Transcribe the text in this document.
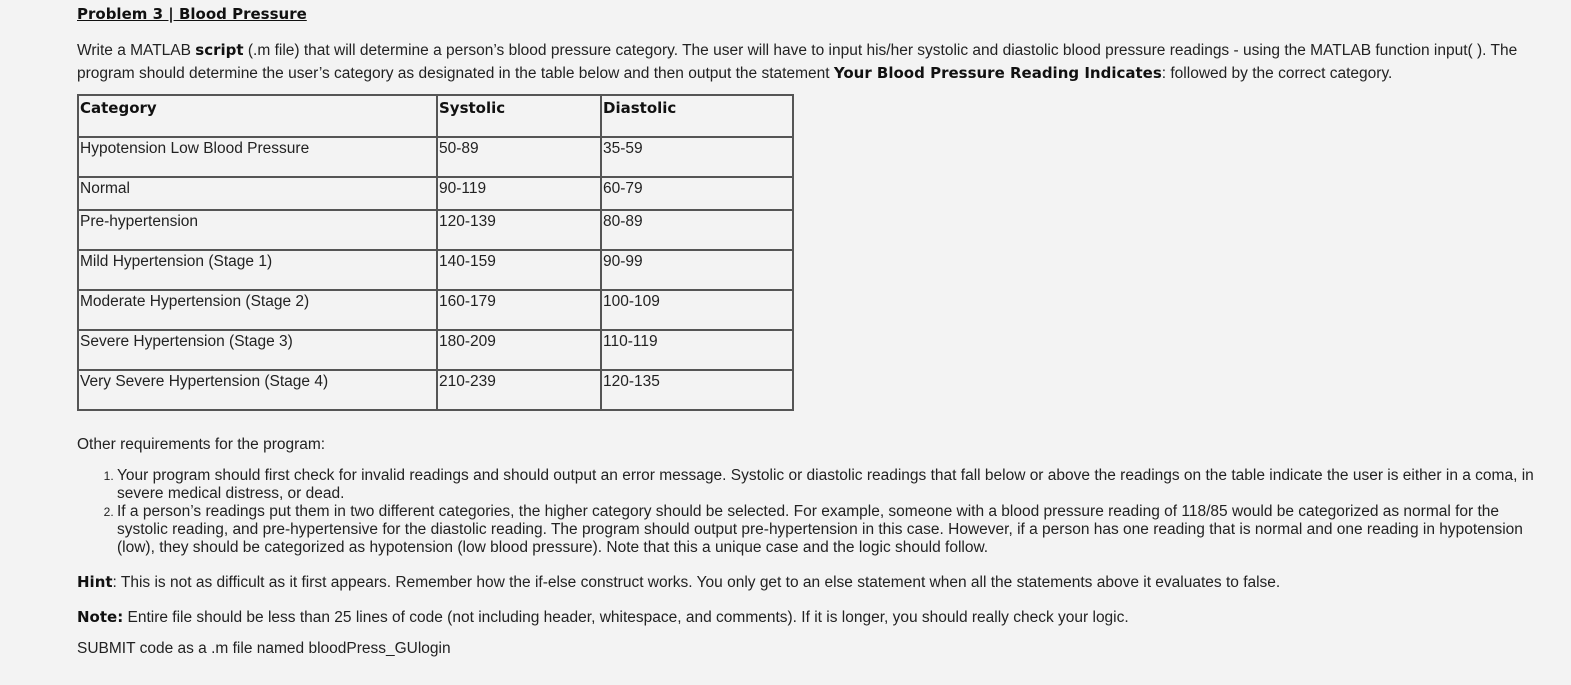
Problem 3 | Blood Pressure
Write a MATLAB script (.m file) that will determine a person’s blood pressure category. The user will have to input his/her systolic and diastolic blood pressure readings - using the MATLAB function input( ). The program should determine the user’s category as designated in the table below and then output the statement Your Blood Pressure Reading Indicates: followed by the correct category.
Category	Systolic	Diastolic
Hypotension Low Blood Pressure	50-89	35-59
Normal	90-119	60-79
Pre-hypertension	120-139	80-89
Mild Hypertension (Stage 1)	140-159	90-99
Moderate Hypertension (Stage 2)	160-179	100-109
Severe Hypertension (Stage 3)	180-209	110-119
Very Severe Hypertension (Stage 4)	210-239	120-135
Other requirements for the program:
1. Your program should first check for invalid readings and should output an error message. Systolic or diastolic readings that fall below or above the readings on the table indicate the user is either in a coma, in severe medical distress, or dead.
2. If a person’s readings put them in two different categories, the higher category should be selected. For example, someone with a blood pressure reading of 118/85 would be categorized as normal for the systolic reading, and pre-hypertensive for the diastolic reading. The program should output pre-hypertension in this case. However, if a person has one reading that is normal and one reading in hypotension (low), they should be categorized as hypotension (low blood pressure). Note that this a unique case and the logic should follow.
Hint: This is not as difficult as it first appears. Remember how the if-else construct works. You only get to an else statement when all the statements above it evaluates to false.
Note: Entire file should be less than 25 lines of code (not including header, whitespace, and comments). If it is longer, you should really check your logic.
SUBMIT code as a .m file named bloodPress_GUlogin
